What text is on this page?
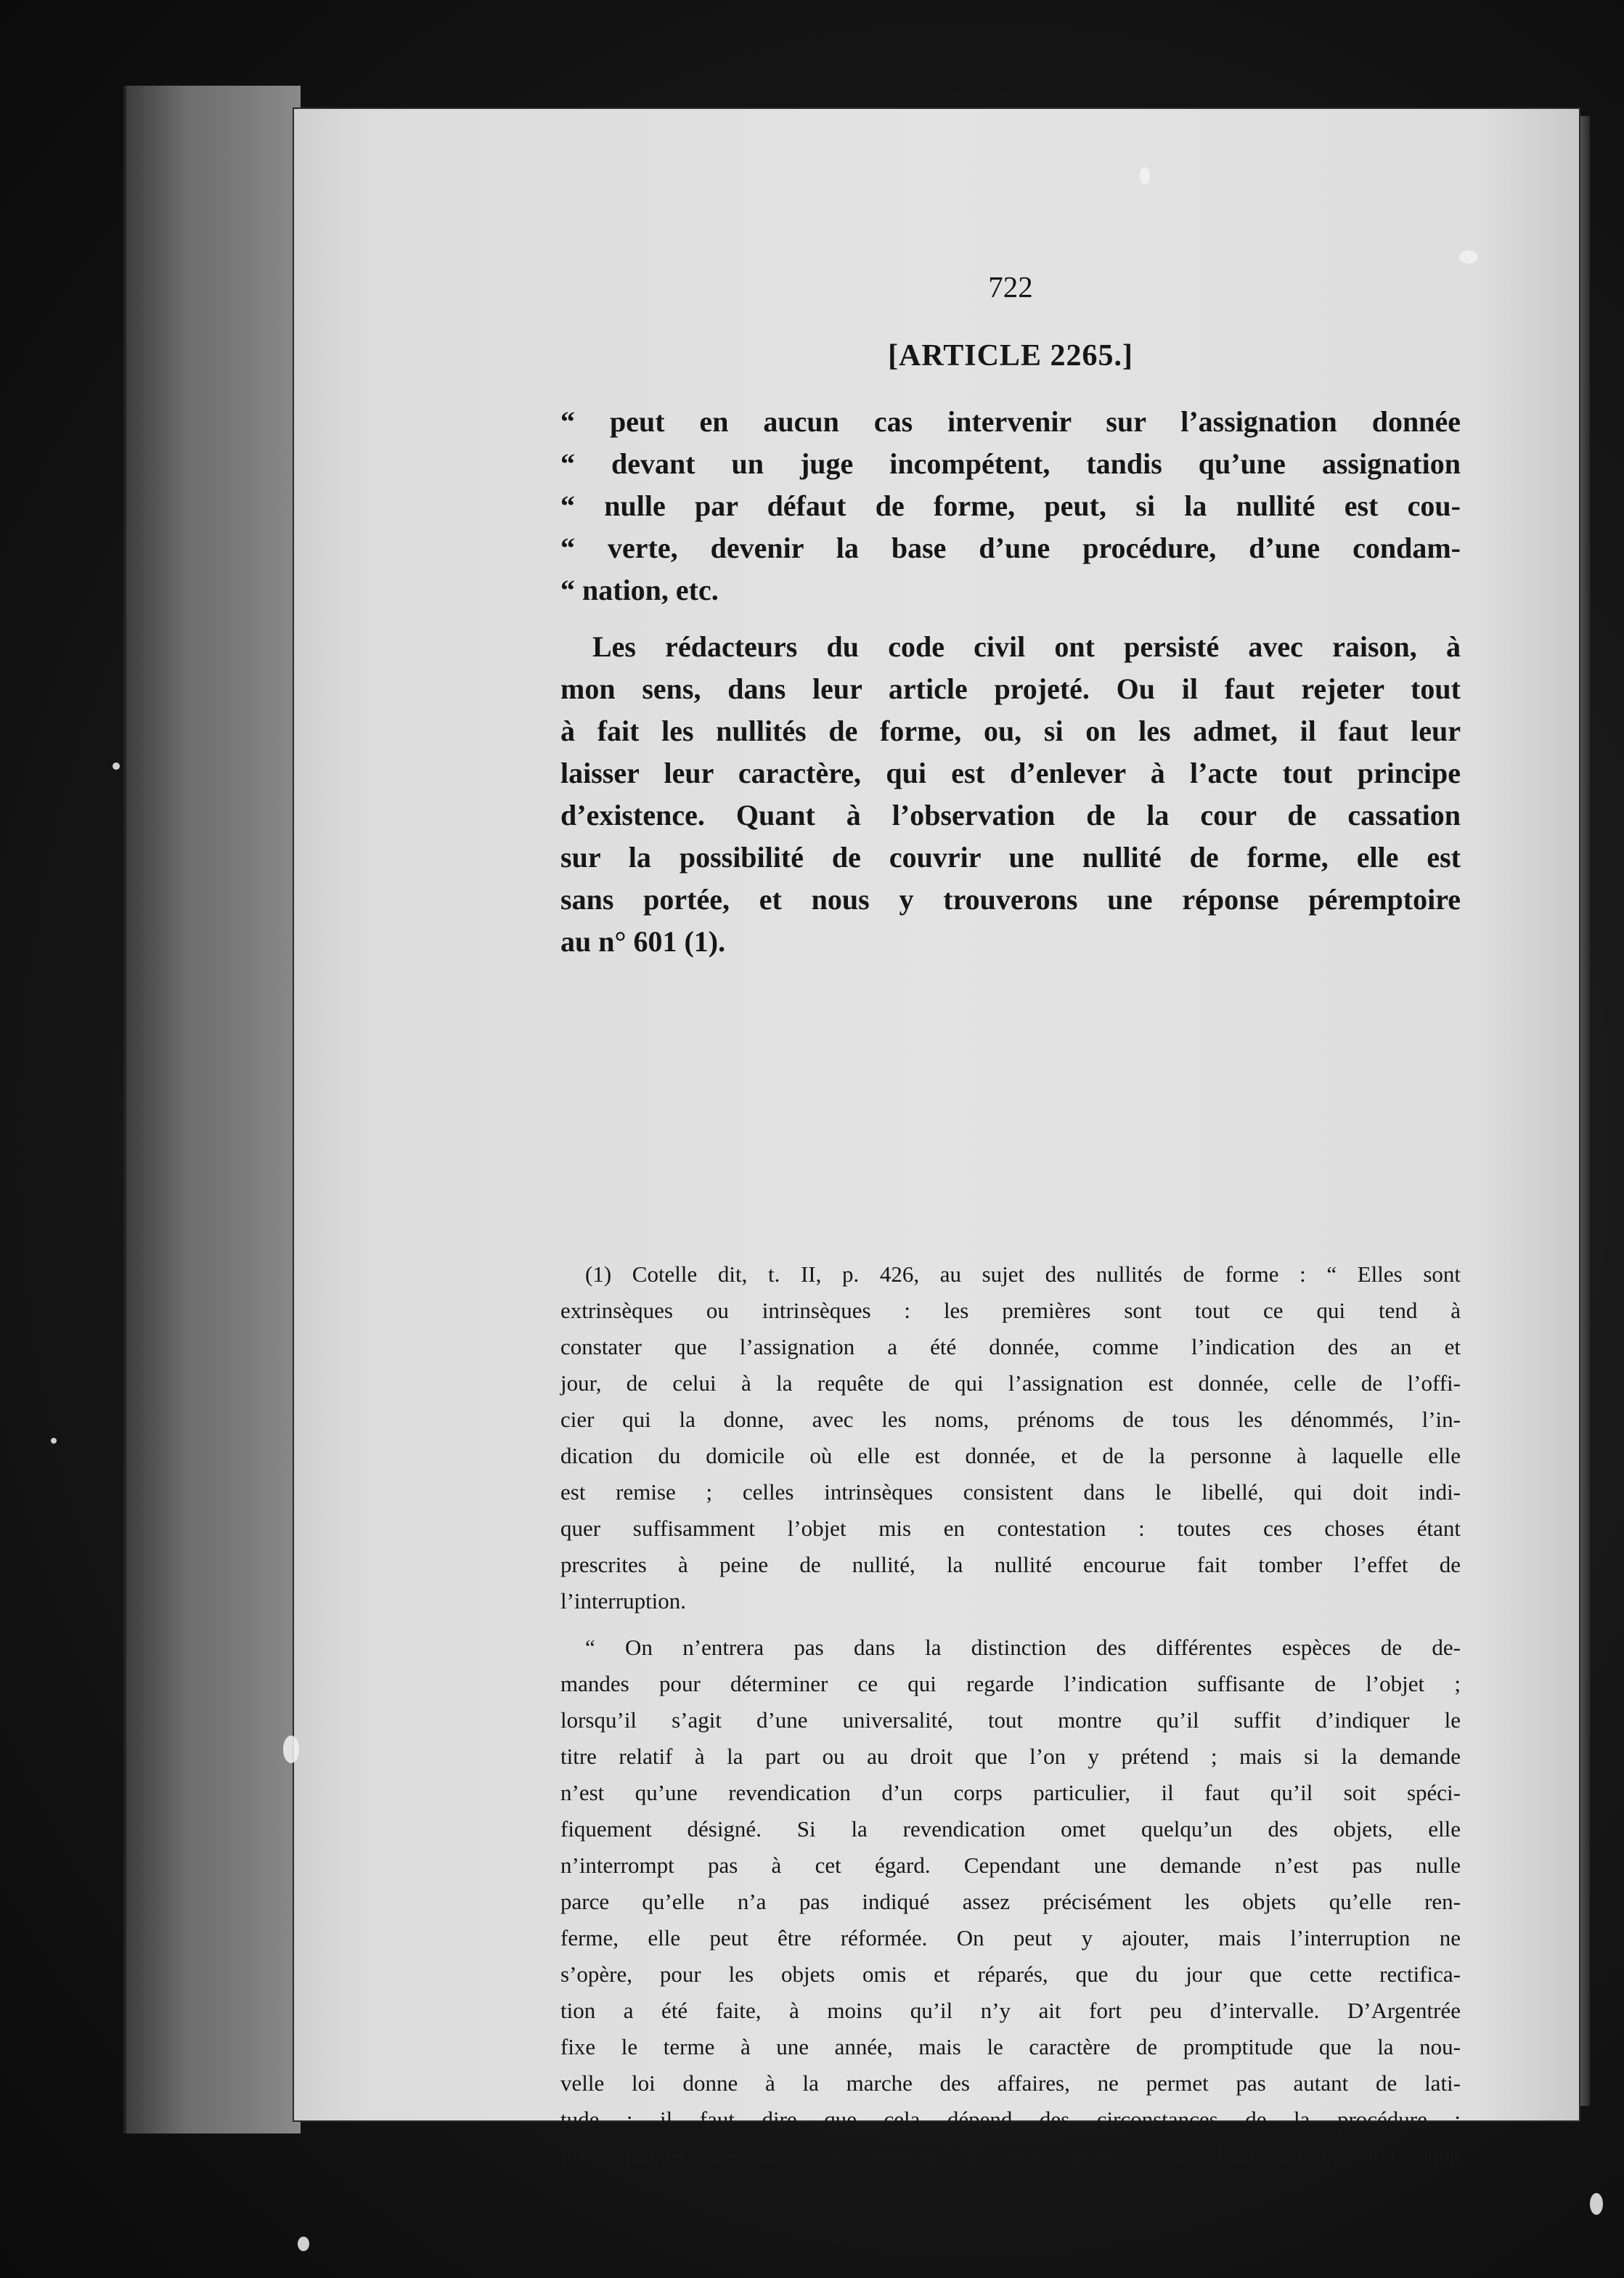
722
[ARTICLE 2265.]
“ peut en aucun cas intervenir sur l’assignation donnée
“ devant un juge incompétent, tandis qu’une assignation
“ nulle par défaut de forme, peut, si la nullité est cou-
“ verte, devenir la base d’une procédure, d’une condam-
“ nation, etc.
Les rédacteurs du code civil ont persisté avec raison, à
mon sens, dans leur article projeté. Ou il faut rejeter tout
à fait les nullités de forme, ou, si on les admet, il faut leur
laisser leur caractère, qui est d’enlever à l’acte tout principe
d’existence. Quant à l’observation de la cour de cassation
sur la possibilité de couvrir une nullité de forme, elle est
sans portée, et nous y trouverons une réponse péremptoire
au n° 601 (1).
(1) Cotelle dit, t. II, p. 426, au sujet des nullités de forme : “ Elles sont
extrinsèques ou intrinsèques : les premières sont tout ce qui tend à
constater que l’assignation a été donnée, comme l’indication des an et
jour, de celui à la requête de qui l’assignation est donnée, celle de l’offi-
cier qui la donne, avec les noms, prénoms de tous les dénommés, l’in-
dication du domicile où elle est donnée, et de la personne à laquelle elle
est remise ; celles intrinsèques consistent dans le libellé, qui doit indi-
quer suffisamment l’objet mis en contestation : toutes ces choses étant
prescrites à peine de nullité, la nullité encourue fait tomber l’effet de
l’interruption.
“ On n’entrera pas dans la distinction des différentes espèces de de-
mandes pour déterminer ce qui regarde l’indication suffisante de l’objet ;
lorsqu’il s’agit d’une universalité, tout montre qu’il suffit d’indiquer le
titre relatif à la part ou au droit que l’on y prétend ; mais si la demande
n’est qu’une revendication d’un corps particulier, il faut qu’il soit spéci-
fiquement désigné. Si la revendication omet quelqu’un des objets, elle
n’interrompt pas à cet égard. Cependant une demande n’est pas nulle
parce qu’elle n’a pas indiqué assez précisément les objets qu’elle ren-
ferme, elle peut être réformée. On peut y ajouter, mais l’interruption ne
s’opère, pour les objets omis et réparés, que du jour que cette rectifica-
tion a été faite, à moins qu’il n’y ait fort peu d’intervalle. D’Argentrée
fixe le terme à une année, mais le caractère de promptitude que la nou-
velle loi donne à la marche des affaires, ne permet pas autant de lati-
tude ; il faut dire que cela dépend des circonstances de la procédure ;
les simples réserves ne servent à rien pour cela, l’interruption n’a lieu
